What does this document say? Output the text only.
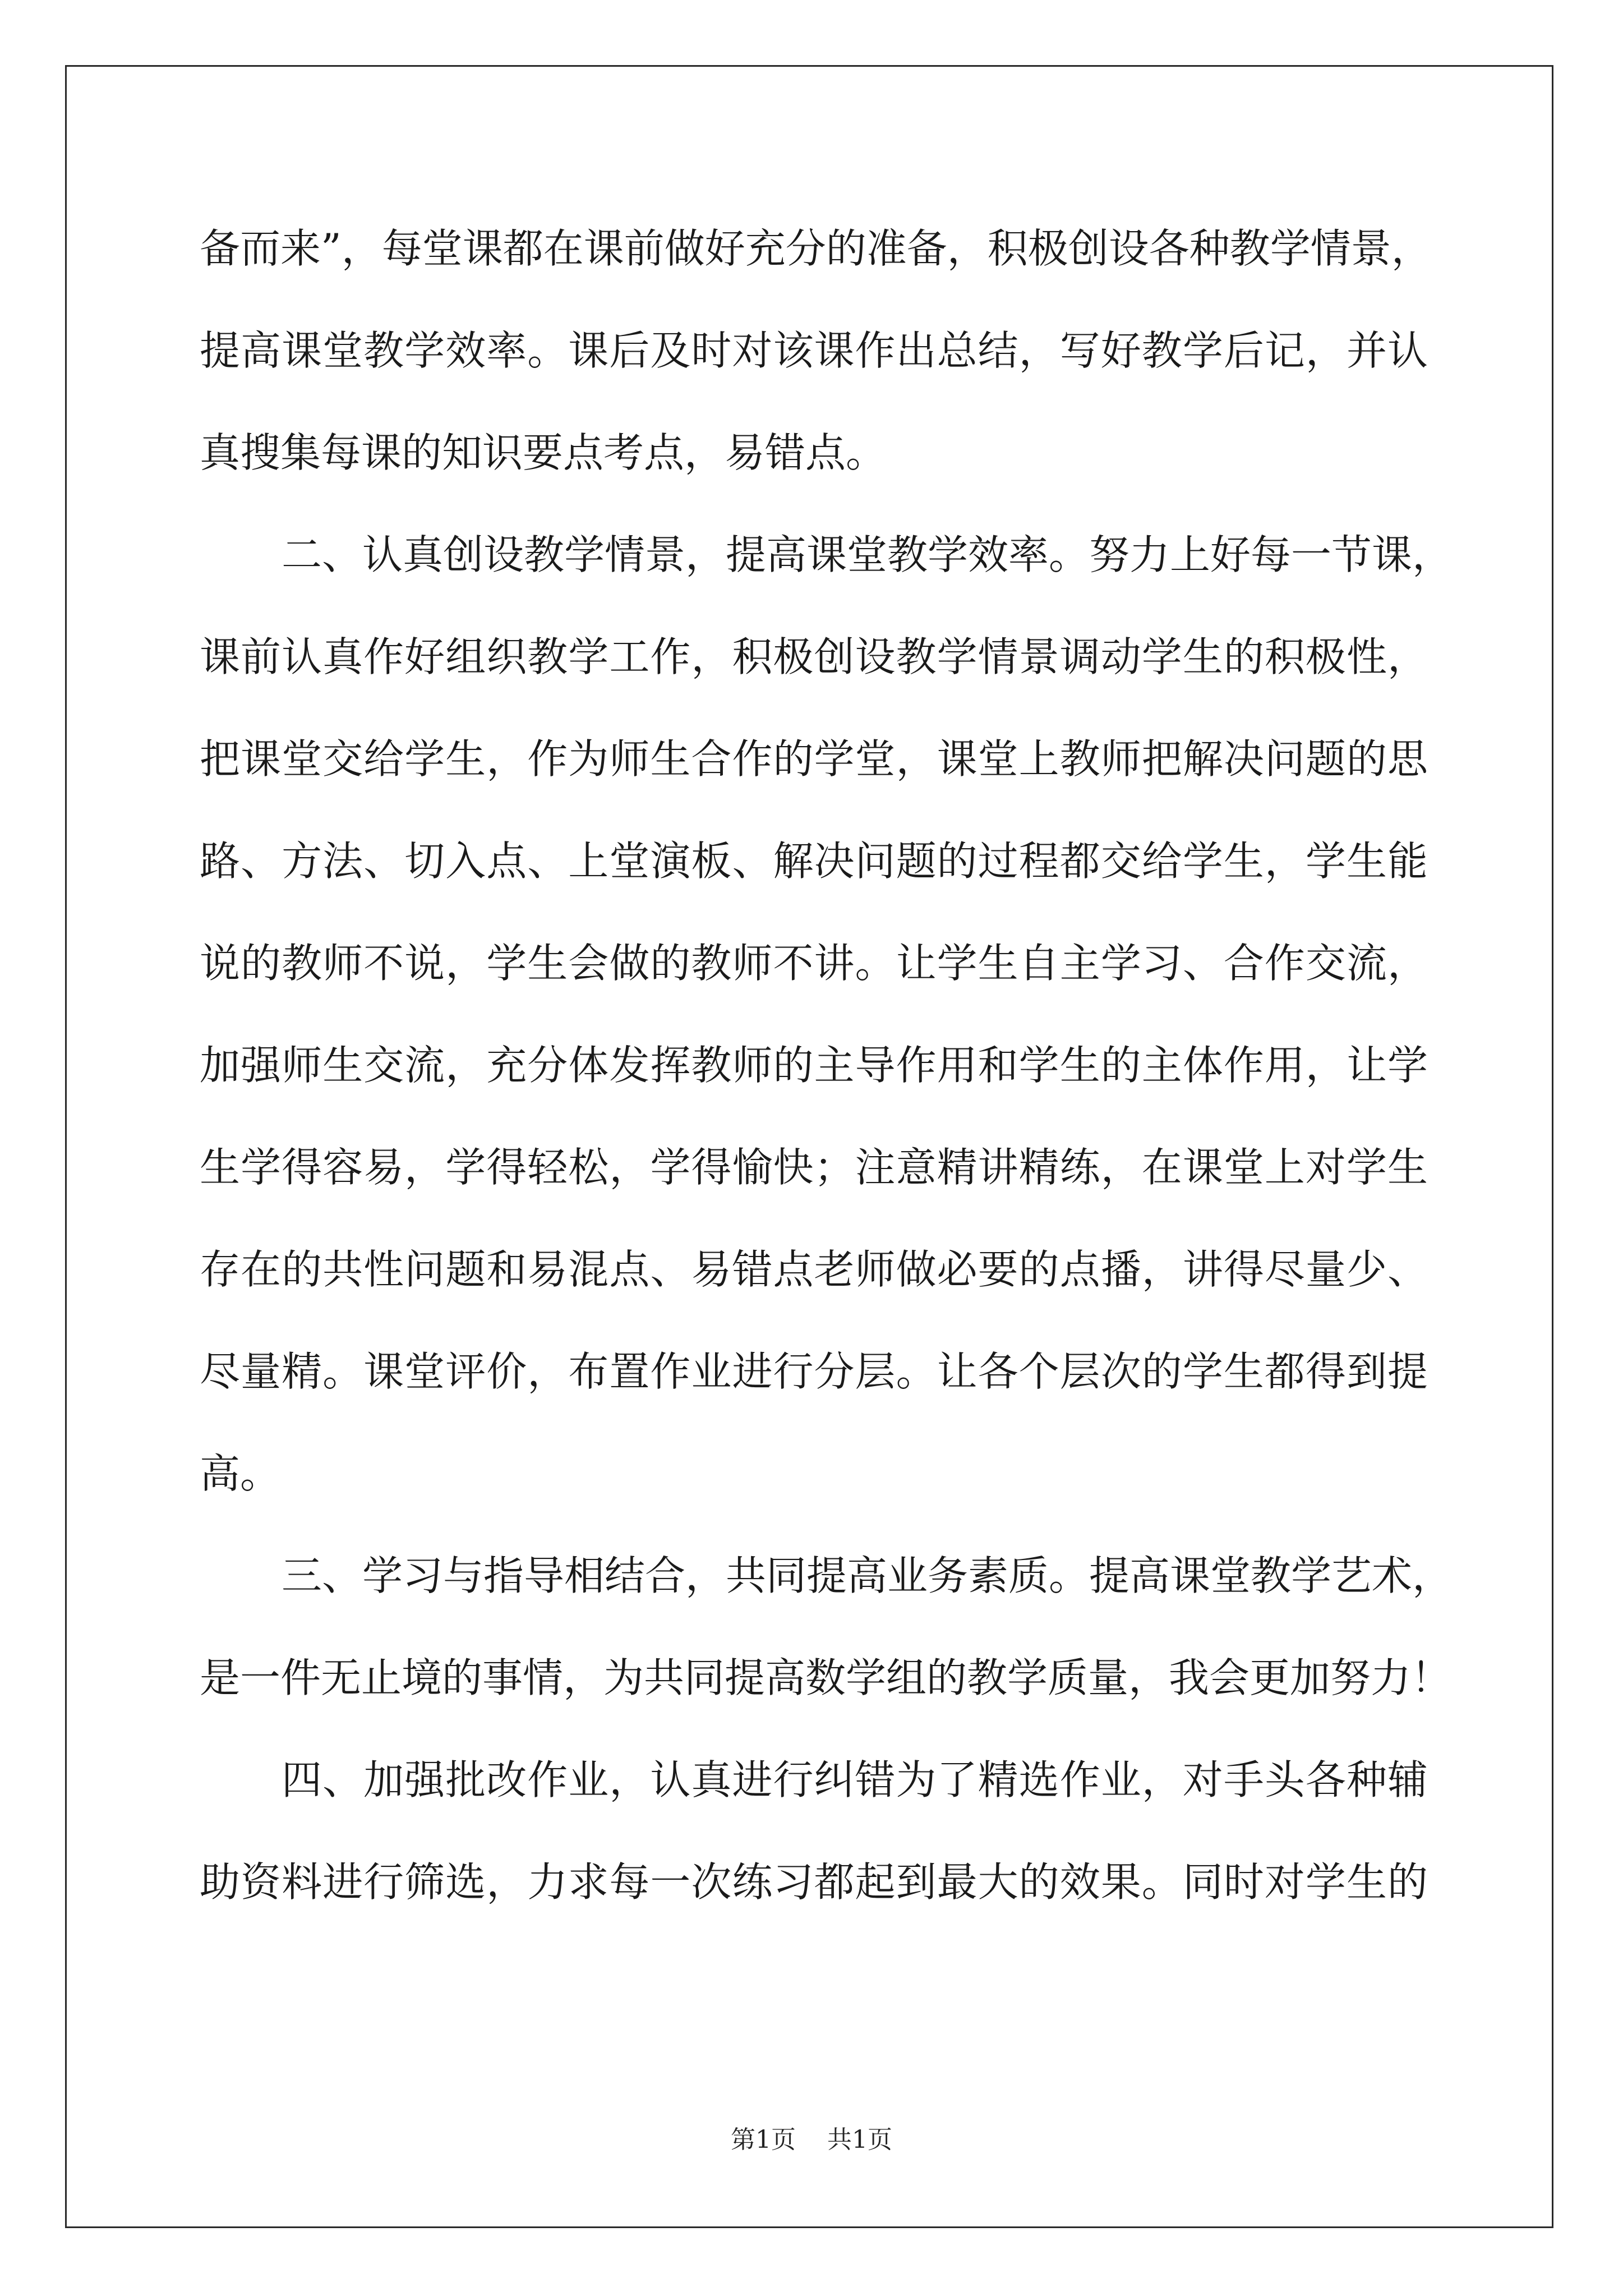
备而来”，每堂课都在课前做好充分的准备，积极创设各种教学情景，
提高课堂教学效率。课后及时对该课作出总结，写好教学后记，并认
真搜集每课的知识要点考点，易错点。
二、认真创设教学情景，提高课堂教学效率。努力上好每一节课，
课前认真作好组织教学工作，积极创设教学情景调动学生的积极性，
把课堂交给学生，作为师生合作的学堂，课堂上教师把解决问题的思
路、方法、切入点、上堂演板、解决问题的过程都交给学生，学生能
说的教师不说，学生会做的教师不讲。让学生自主学习、合作交流，
加强师生交流，充分体发挥教师的主导作用和学生的主体作用，让学
生学得容易，学得轻松，学得愉快；注意精讲精练，在课堂上对学生
存在的共性问题和易混点、易错点老师做必要的点播，讲得尽量少、
尽量精。课堂评价，布置作业进行分层。让各个层次的学生都得到提
高。
三、学习与指导相结合，共同提高业务素质。提高课堂教学艺术，
是一件无止境的事情，为共同提高数学组的教学质量，我会更加努力！
四、加强批改作业，认真进行纠错为了精选作业，对手头各种辅
助资料进行筛选，力求每一次练习都起到最大的效果。同时对学生的
第1页 共1页
